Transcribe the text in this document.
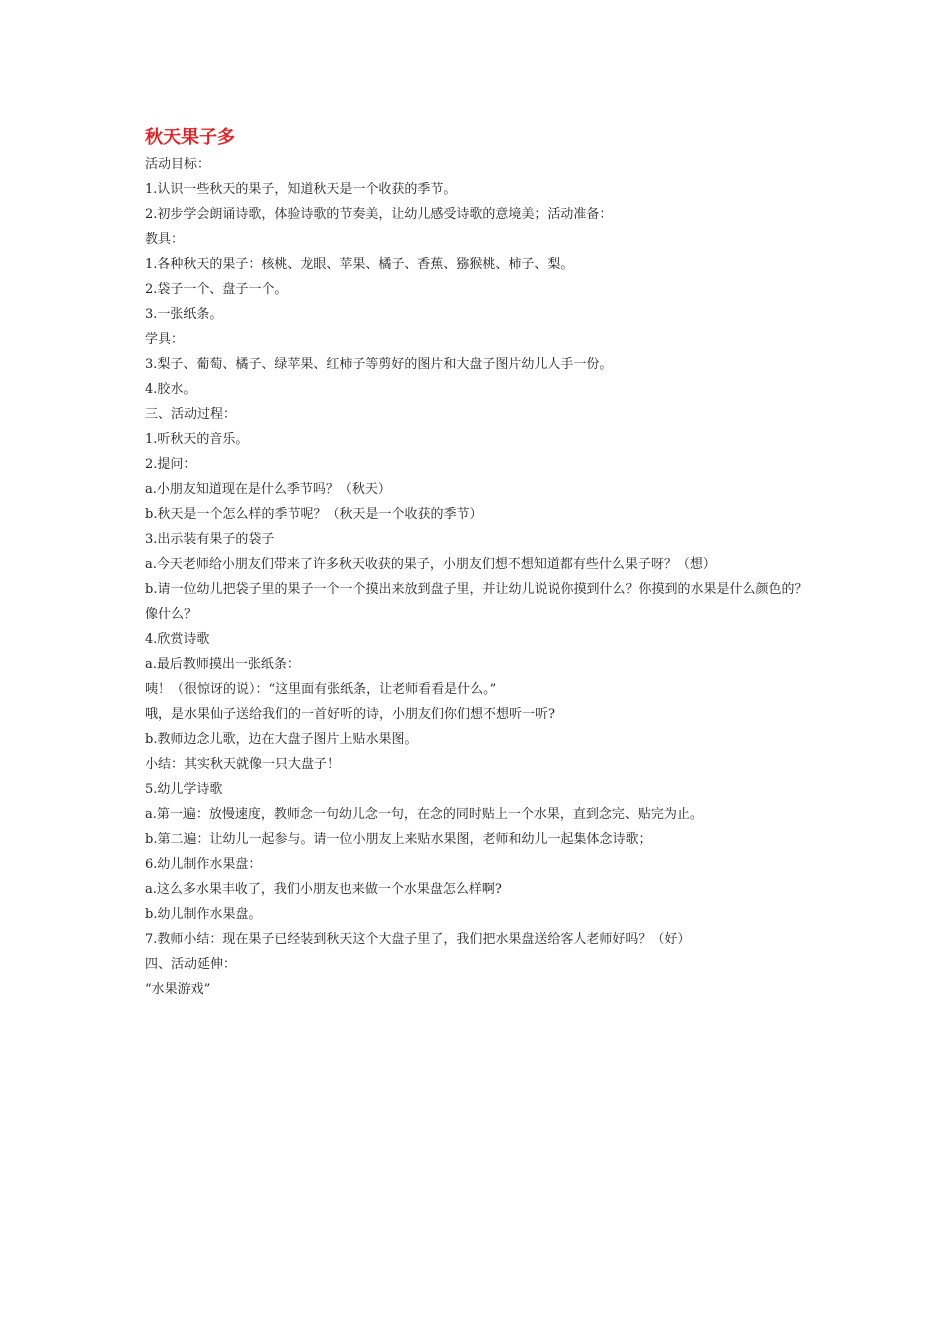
秋天果子多

活动目标：

1.认识一些秋天的果子，知道秋天是一个收获的季节。

2.初步学会朗诵诗歌，体验诗歌的节奏美，让幼儿感受诗歌的意境美；活动准备：

教具：

1.各种秋天的果子：核桃、龙眼、苹果、橘子、香蕉、猕猴桃、柿子、梨。

2.袋子一个、盘子一个。

3.一张纸条。

学具：

3.梨子、葡萄、橘子、绿苹果、红柿子等剪好的图片和大盘子图片幼儿人手一份。

4.胶水。

三、活动过程：

1.听秋天的音乐。

2.提问：

a.小朋友知道现在是什么季节吗？（秋天）

b.秋天是一个怎么样的季节呢？（秋天是一个收获的季节）

3.出示装有果子的袋子

a.今天老师给小朋友们带来了许多秋天收获的果子，小朋友们想不想知道都有些什么果子呀？（想）

b.请一位幼儿把袋子里的果子一个一个摸出来放到盘子里，并让幼儿说说你摸到什么？你摸到的水果是什么颜色的？像什么？

4.欣赏诗歌

a.最后教师摸出一张纸条：

咦！（很惊讶的说）：“这里面有张纸条，让老师看看是什么。”

哦，是水果仙子送给我们的一首好听的诗，小朋友们你们想不想听一听?

b.教师边念儿歌，边在大盘子图片上贴水果图。

小结：其实秋天就像一只大盘子！

5.幼儿学诗歌

a.第一遍：放慢速度，教师念一句幼儿念一句，在念的同时贴上一个水果，直到念完、贴完为止。

b.第二遍：让幼儿一起参与。请一位小朋友上来贴水果图，老师和幼儿一起集体念诗歌；

6.幼儿制作水果盘：

a.这么多水果丰收了，我们小朋友也来做一个水果盘怎么样啊?

b.幼儿制作水果盘。

7.教师小结：现在果子已经装到秋天这个大盘子里了，我们把水果盘送给客人老师好吗？（好）

四、活动延伸：

“水果游戏”
